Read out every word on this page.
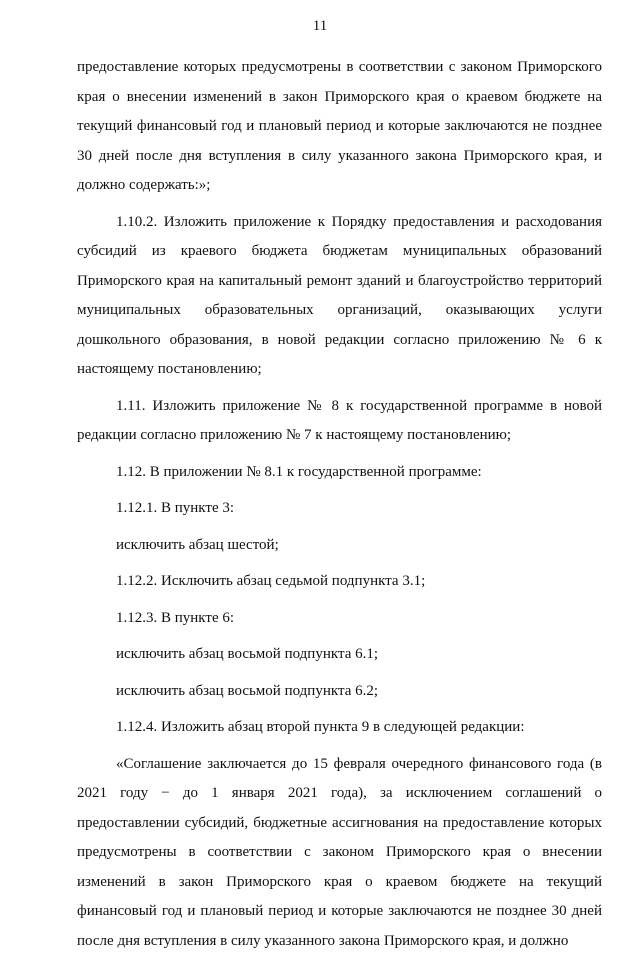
11

предоставление которых предусмотрены в соответствии с законом Приморского края о внесении изменений в закон Приморского края о краевом бюджете на текущий финансовый год и плановый период и которые заключаются не позднее 30 дней после дня вступления в силу указанного закона Приморского края, и должно содержать:»;

1.10.2. Изложить приложение к Порядку предоставления и расходования субсидий из краевого бюджета бюджетам муниципальных образований Приморского края на капитальный ремонт зданий и благоустройство территорий муниципальных образовательных организаций, оказывающих услуги дошкольного образования, в новой редакции согласно приложению № 6 к настоящему постановлению;

1.11. Изложить приложение № 8 к государственной программе в новой редакции согласно приложению № 7 к настоящему постановлению;

1.12. В приложении № 8.1 к государственной программе:

1.12.1. В пункте 3:

исключить абзац шестой;

1.12.2. Исключить абзац седьмой подпункта 3.1;

1.12.3. В пункте 6:

исключить абзац восьмой подпункта 6.1;

исключить абзац восьмой подпункта 6.2;

1.12.4. Изложить абзац второй пункта 9 в следующей редакции:

«Соглашение заключается до 15 февраля очередного финансового года (в 2021 году − до 1 января 2021 года), за исключением соглашений о предоставлении субсидий, бюджетные ассигнования на предоставление которых предусмотрены в соответствии с законом Приморского края о внесении изменений в закон Приморского края о краевом бюджете на текущий финансовый год и плановый период и которые заключаются не позднее 30 дней после дня вступления в силу указанного закона Приморского края, и должно
